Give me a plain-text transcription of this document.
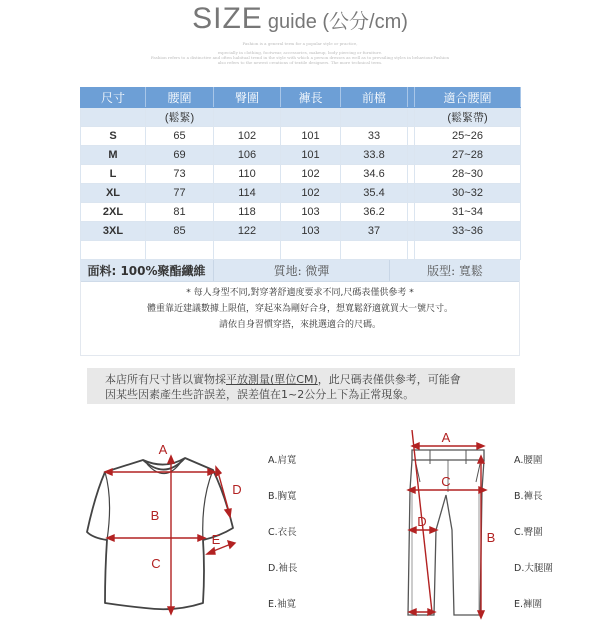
SIZE guide (公分/cm)
Fashion is a general term for a popular style or practice,
especially in clothing, footwear, accessories, makeup, body piercing or furniture.
Fashion refers to a distinctive and often habitual trend in the style with which a person dresses as well as to prevailing styles in behaviour.Fashion
also refers to the newest creations of textile designers. The more technical term.
尺寸	腰圍	臀圍	褲長	前檔		適合腰圍
	(鬆緊)					(鬆緊帶)
S	65	102	101	33		25~26
M	69	106	101	33.8		27~28
L	73	110	102	34.6		28~30
XL	77	114	102	35.4		30~32
2XL	81	118	103	36.2		31~34
3XL	85	122	103	37		33~36

面料: 100%聚酯纖維	質地: 微彈	版型: 寬鬆

* 每人身型不同,對穿著舒適度要求不同,尺碼表僅供參考 *

體重靠近建議數據上限值，穿起來為剛好合身，想寬鬆舒適就買大一號尺寸。

請依自身習慣穿搭，來挑選適合的尺碼。

本店所有尺寸皆以實物採平放測量(單位CM)，此尺碼表僅供參考，可能會

因某些因素產生些許誤差，誤差值在1~2公分上下為正常現象。

A
B
C
D
E
A.肩寬
B.胸寬
C.衣長
D.袖長
E.袖寬
A
B
C
D
A.腰圍
B.褲長
C.臀圍
D.大腿圍
E.褲圍
